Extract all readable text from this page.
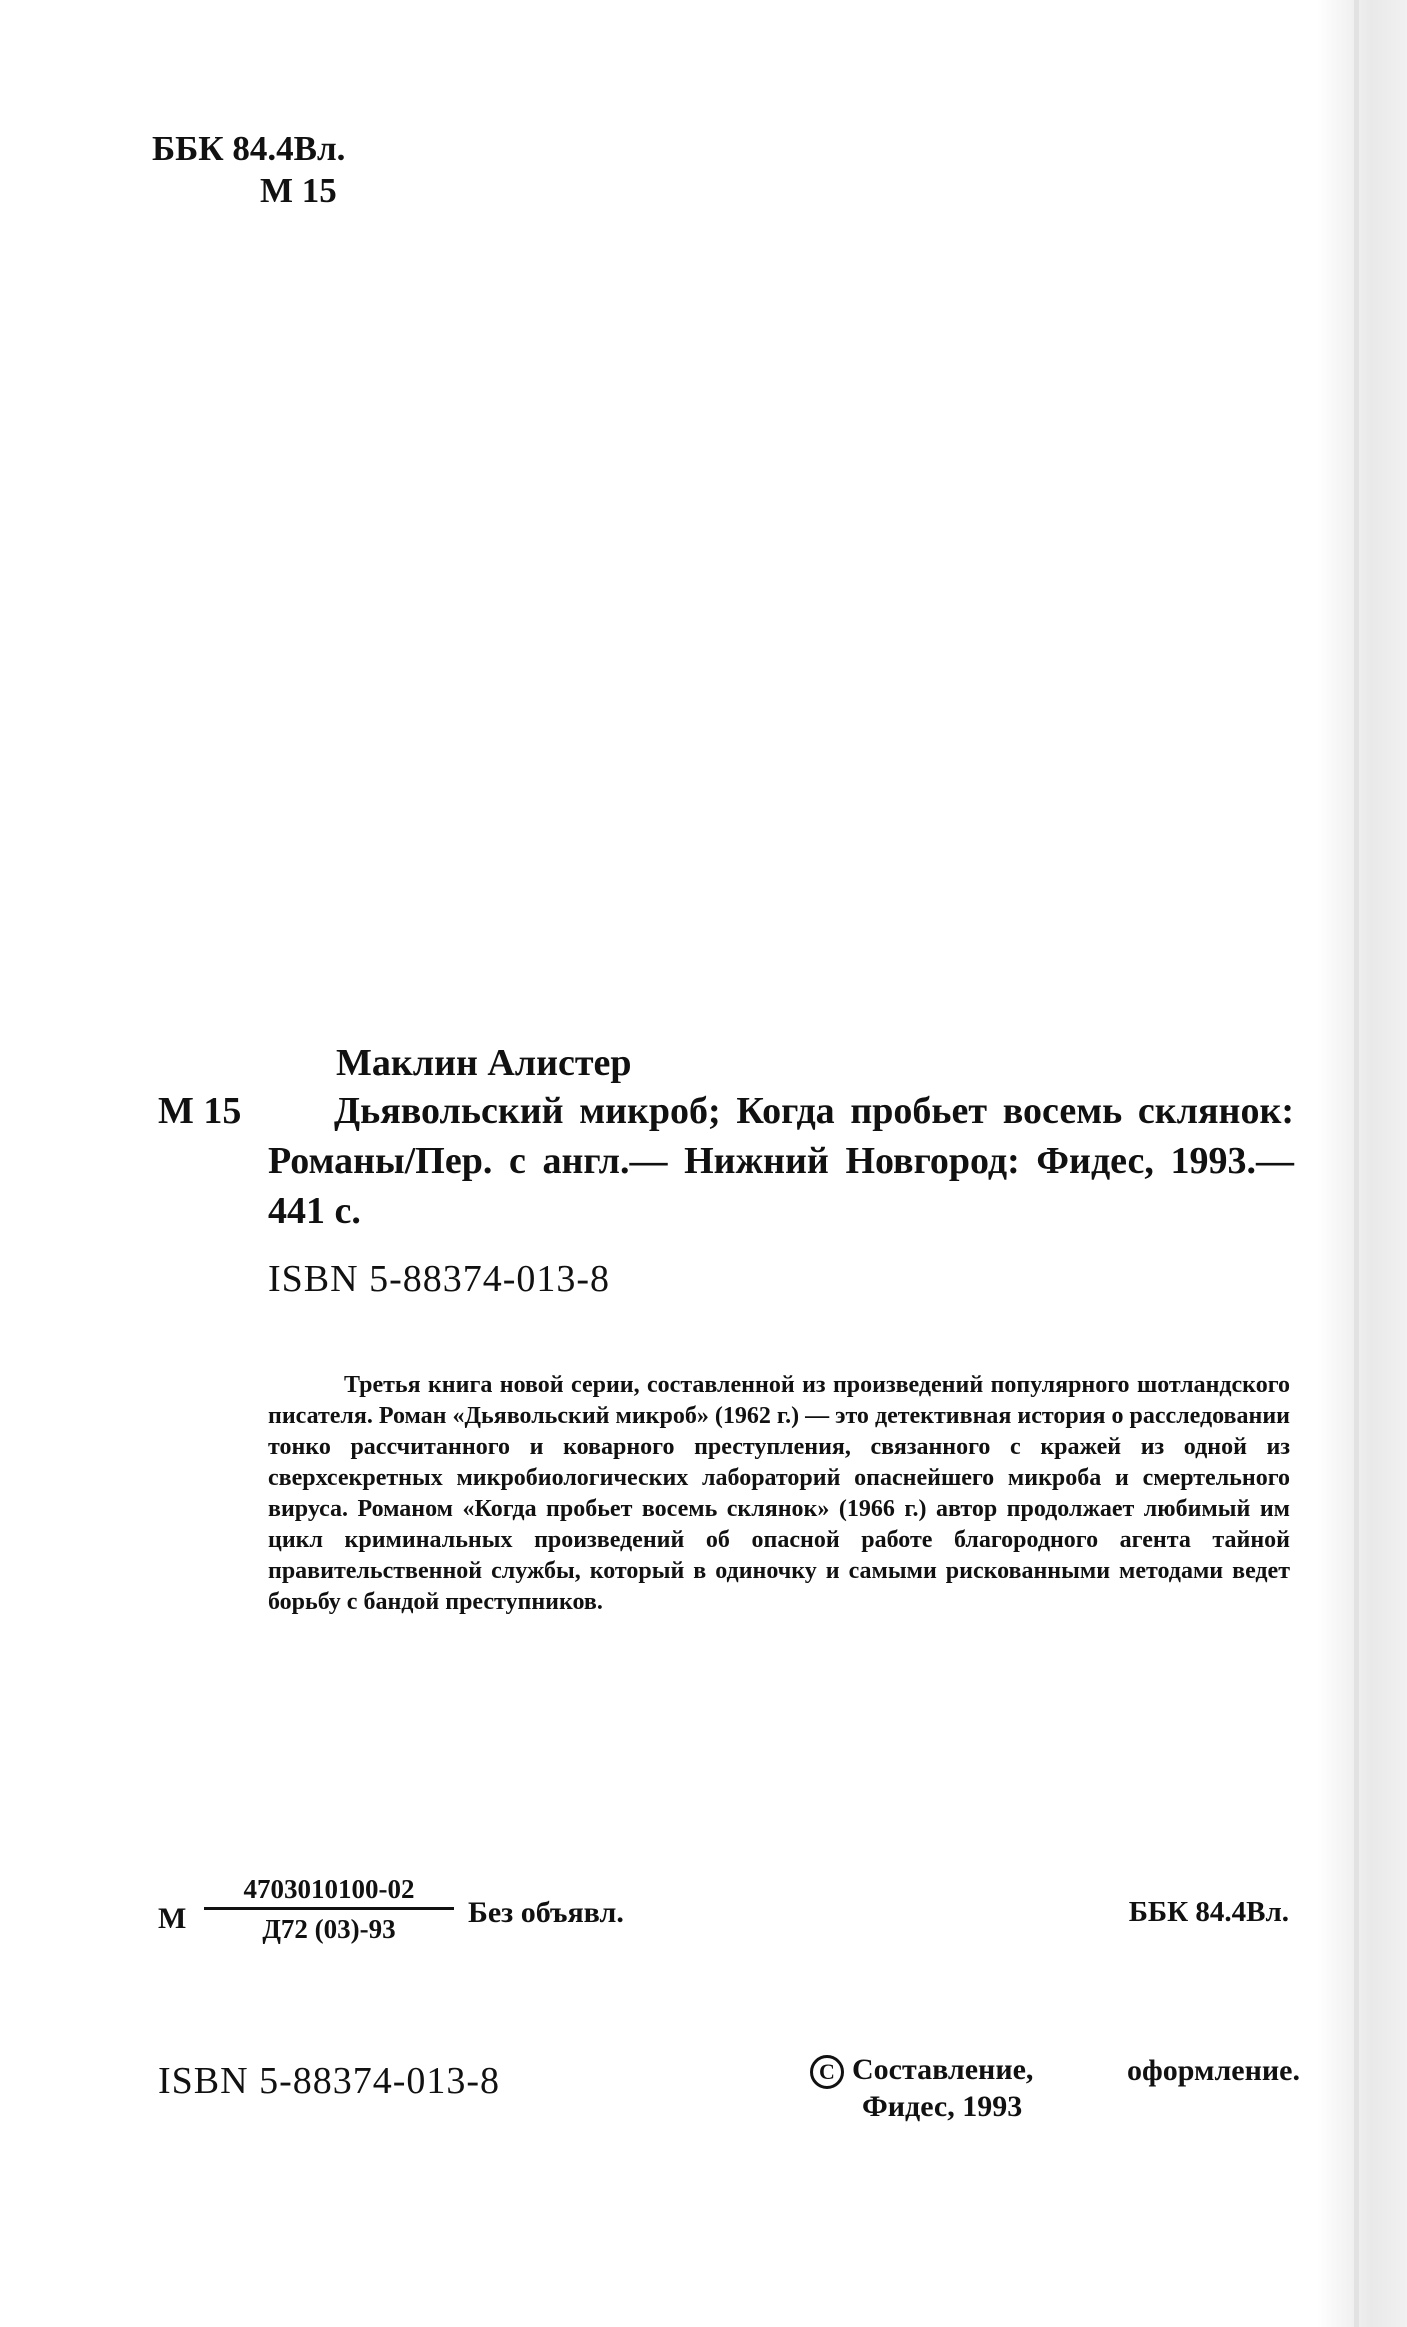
ББК 84.4Вл.
М 15
Маклин Алистер
М 15	Дьявольский микроб; Когда пробьет восемь склянок: Романы/Пер. с англ.— Нижний Новгород: Фидес, 1993.— 441 с.
ISBN 5-88374-013-8
Третья книга новой серии, составленной из произведений популярного шотландского писателя. Роман «Дьявольский микроб» (1962 г.) — это детективная история о расследовании тонко рассчитанного и коварного преступления, связанного с кражей из одной из сверхсекретных микробиологических лабораторий опаснейшего микроба и смертельного вируса. Романом «Когда пробьет восемь склянок» (1966 г.) автор продолжает любимый им цикл криминальных произведений об опасной работе благородного агента тайной правительственной службы, который в одиночку и самыми рискованными методами ведет борьбу с бандой преступников.
М
4703010100-02
Д72 (03)-93	Без объявл.	ББК 84.4Вл.
ISBN 5-88374-013-8	C Составление,	оформление.
Фидес, 1993
